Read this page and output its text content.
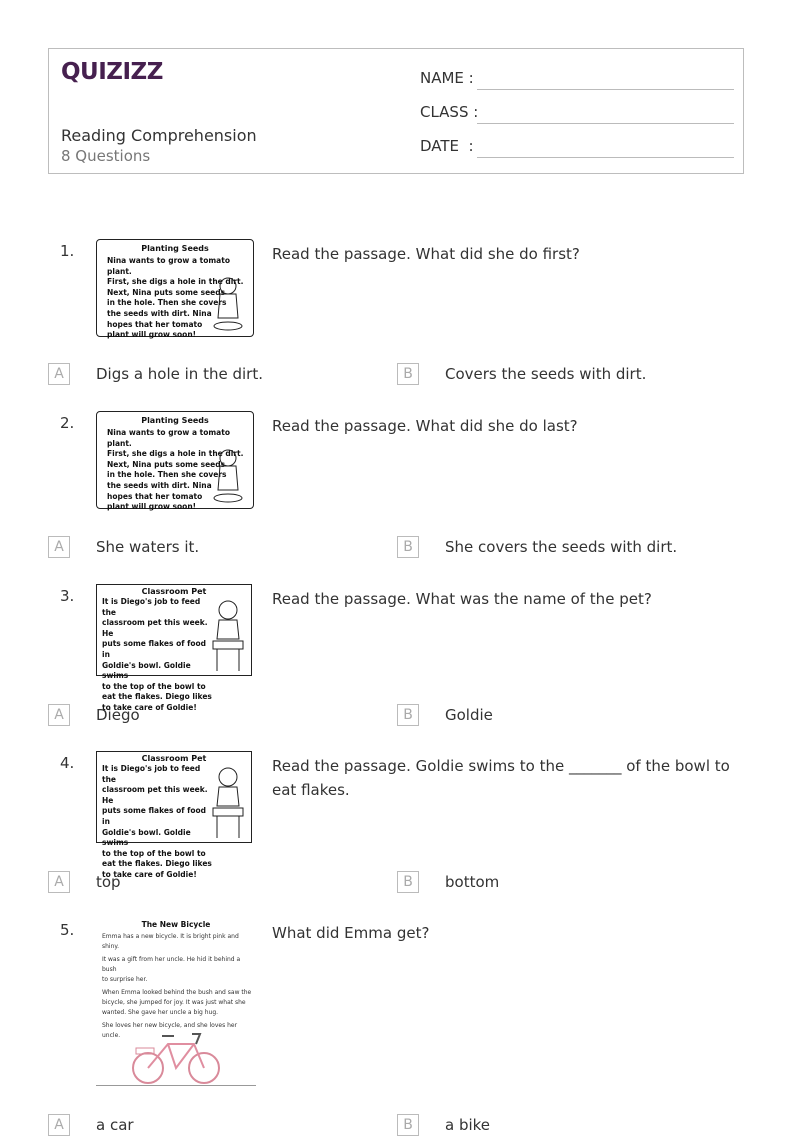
QUIZIZZ
Reading Comprehension
8 Questions
NAME :
CLASS :
DATE  :
1.	Planting Seeds
Nina wants to grow a tomato plant.
First, she digs a hole in the dirt.
Next, Nina puts some seeds
in the hole. Then she covers
the seeds with dirt. Nina
hopes that her tomato
plant will grow soon!
Read the passage. What did she do first?
A	Digs a hole in the dirt.	B	Covers the seeds with dirt.
2.	Planting Seeds
Nina wants to grow a tomato plant.
First, she digs a hole in the dirt.
Next, Nina puts some seeds
in the hole. Then she covers
the seeds with dirt. Nina
hopes that her tomato
plant will grow soon!
Read the passage. What did she do last?
A	She waters it.	B	She covers the seeds with dirt.
3.	Classroom Pet
It is Diego's job to feed the
classroom pet this week. He
puts some flakes of food in
Goldie's bowl. Goldie swims
to the top of the bowl to
eat the flakes. Diego likes
to take care of Goldie!
Read the passage. What was the name of the pet?
A	Diego	B	Goldie
4.	Classroom Pet
It is Diego's job to feed the
classroom pet this week. He
puts some flakes of food in
Goldie's bowl. Goldie swims
to the top of the bowl to
eat the flakes. Diego likes
to take care of Goldie!
Read the passage. Goldie swims to the _______ of the bowl to eat flakes.
A	top	B	bottom
5.	The New Bicycle
Emma has a new bicycle. It is bright pink and shiny.
It was a gift from her uncle. He hid it behind a bush
to surprise her.
When Emma looked behind the bush and saw the
bicycle, she jumped for joy. It was just what she
wanted. She gave her uncle a big hug.
She loves her new bicycle, and she loves her uncle.
What did Emma get?
A	a car	B	a bike
